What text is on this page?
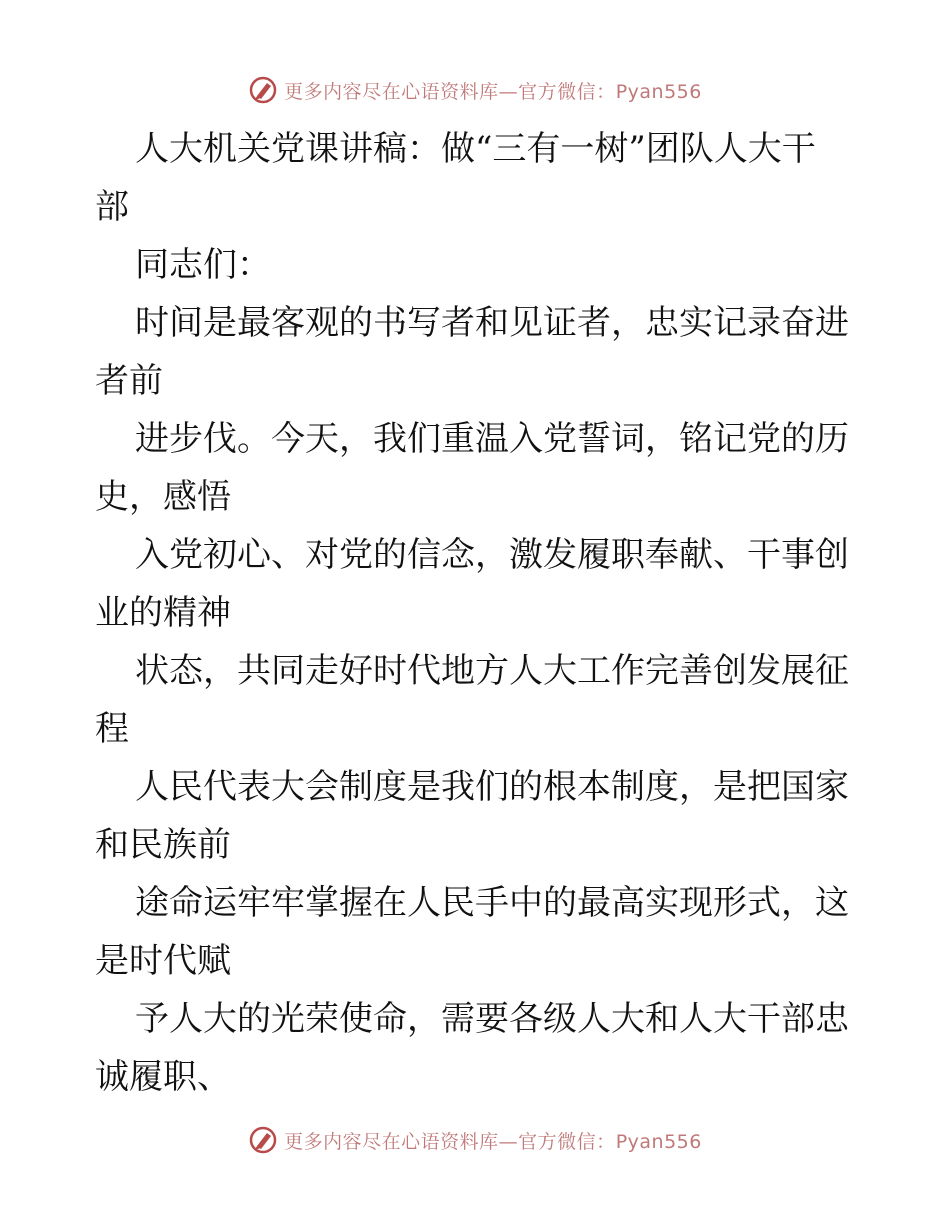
更多内容尽在心语资料库—官方微信：Pyan556

人大机关党课讲稿：做“三有一树”团队人大干
部
同志们：
时间是最客观的书写者和见证者，忠实记录奋进
者前
进步伐。今天，我们重温入党誓词，铭记党的历
史，感悟
入党初心、对党的信念，激发履职奉献、干事创
业的精神
状态，共同走好时代地方人大工作完善创发展征
程
人民代表大会制度是我们的根本制度，是把国家
和民族前
途命运牢牢掌握在人民手中的最高实现形式，这
是时代赋
予人大的光荣使命，需要各级人大和人大干部忠
诚履职、

更多内容尽在心语资料库—官方微信：Pyan556
